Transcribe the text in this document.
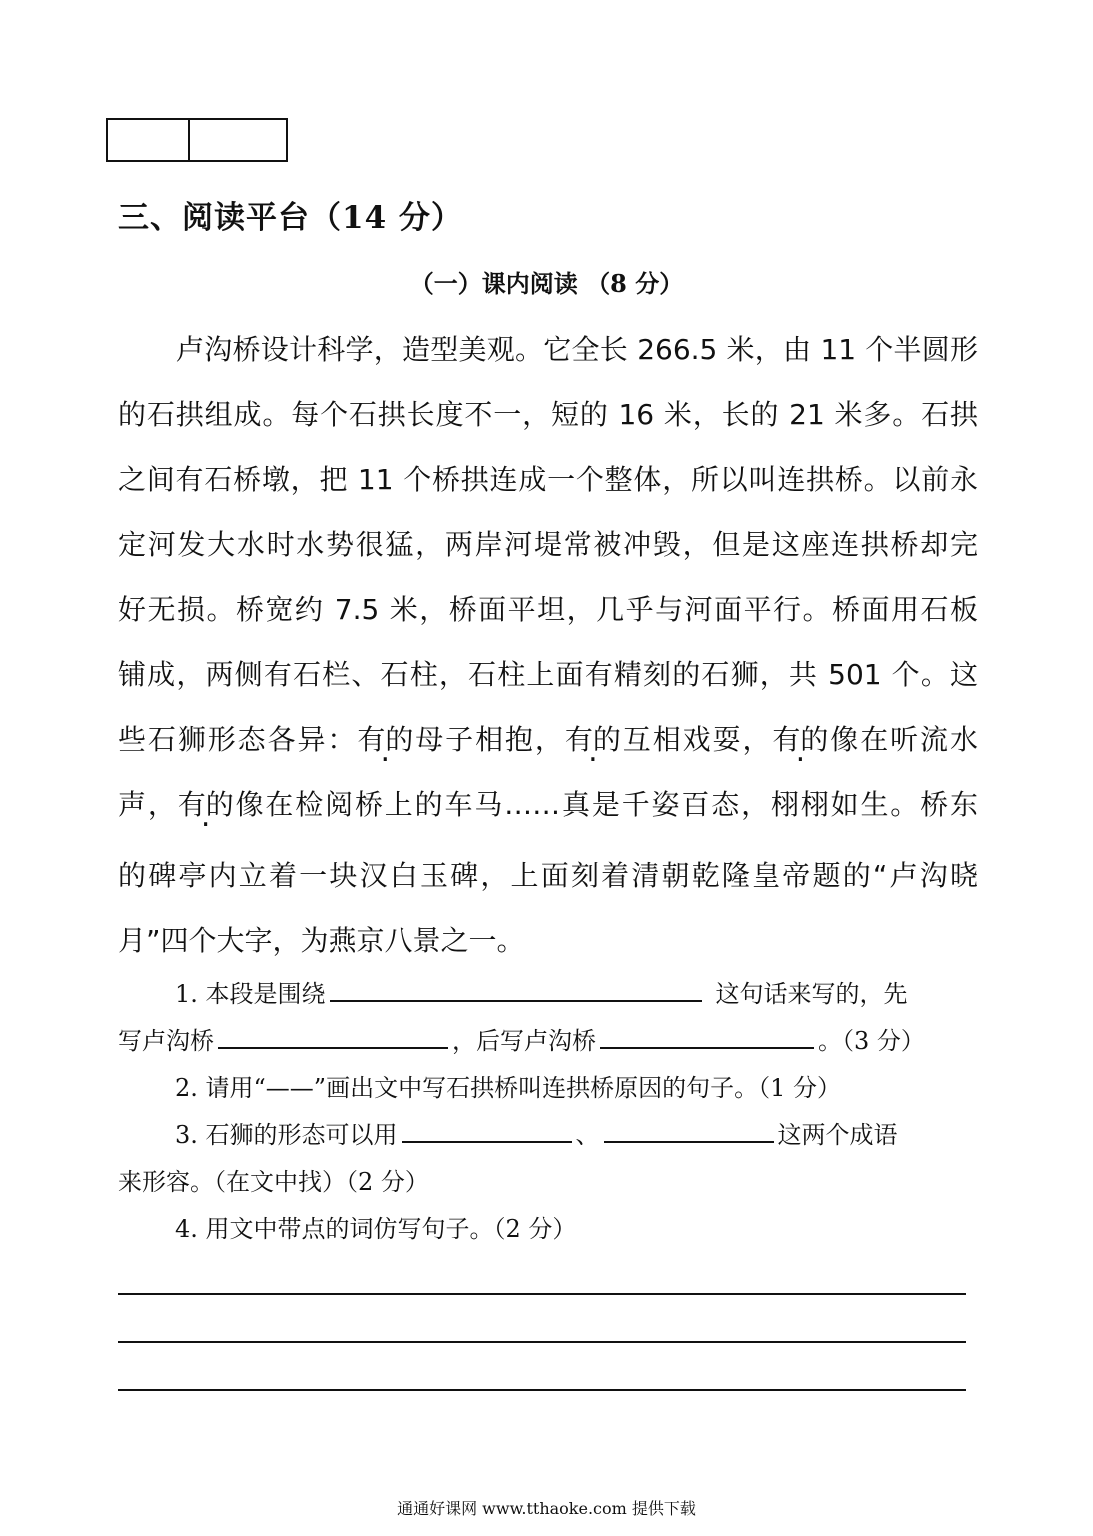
三、阅读平台（14 分）
（一）课内阅读 （8 分）
卢沟桥设计科学，造型美观。它全长 266.5 米，由 11 个半圆形
的石拱组成。每个石拱长度不一，短的 16 米，长的 21 米多。石拱
之间有石桥墩，把 11 个桥拱连成一个整体，所以叫连拱桥。以前永
定河发大水时水势很猛，两岸河堤常被冲毁，但是这座连拱桥却完
好无损。桥宽约 7.5 米，桥面平坦，几乎与河面平行。桥面用石板
铺成，两侧有石栏、石柱，石柱上面有精刻的石狮，共 501 个。这
些石狮形态各异：有的 .母子相抱，有的 .互相戏耍，有的 .像在听流水
声，有的 .像在检阅桥上的车马……真是千姿百态，栩栩如生。桥东
的碑亭内立着一块汉白玉碑，上面刻着清朝乾隆皇帝题的“卢沟晓
月”四个大字，为燕京八景之一。
1. 本段是围绕	这句话来写的，先
写卢沟桥	，后写卢沟桥	。（3 分）
2. 请用“——”画出文中写石拱桥叫连拱桥原因的句子。（1 分）
3. 石狮的形态可以用	、	这两个成语
来形容。（在文中找）（2 分）
4. 用文中带点的词仿写句子。（2 分）
通通好课网 www.tthaoke.com 提供下载
